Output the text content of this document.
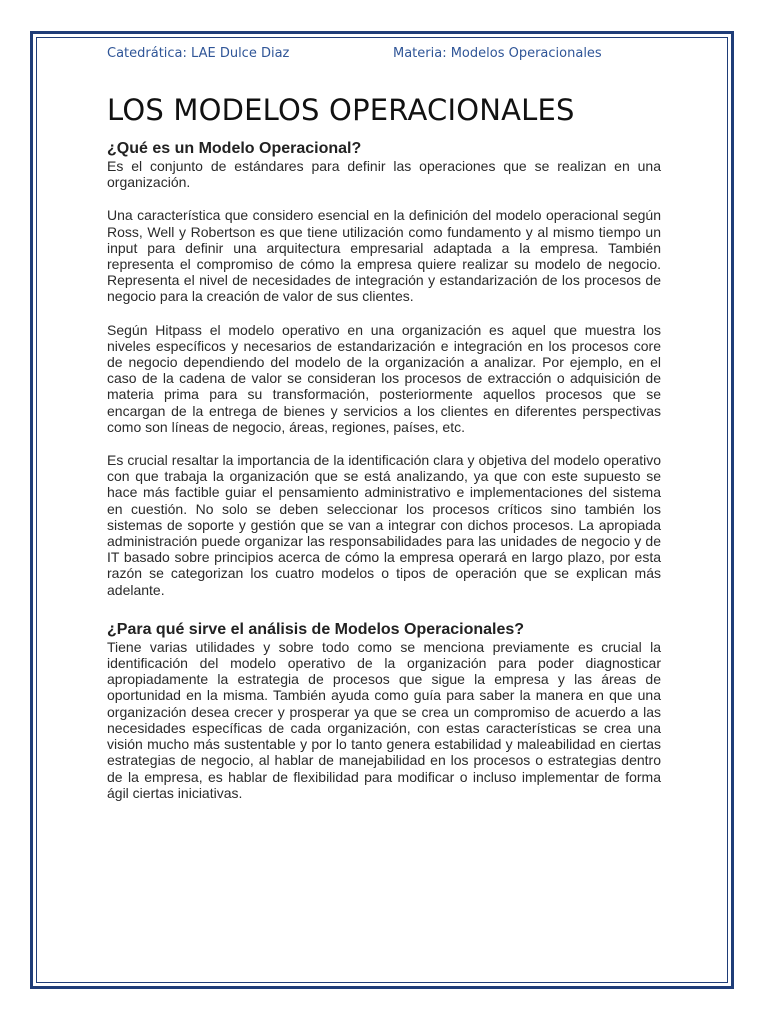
Catedrática: LAE Dulce Diaz	Materia: Modelos Operacionales
LOS MODELOS OPERACIONALES
¿Qué es un Modelo Operacional?

Es el conjunto de estándares para definir las operaciones que se realizan en una organización.

Una característica que considero esencial en la definición del modelo operacional según Ross, Well y Robertson es que tiene utilización como fundamento y al mismo tiempo un input para definir una arquitectura empresarial adaptada a la empresa. También representa el compromiso de cómo la empresa quiere realizar su modelo de negocio. Representa el nivel de necesidades de integración y estandarización de los procesos de negocio para la creación de valor de sus clientes.

Según Hitpass el modelo operativo en una organización es aquel que muestra los niveles específicos y necesarios de estandarización e integración en los procesos core de negocio dependiendo del modelo de la organización a analizar. Por ejemplo, en el caso de la cadena de valor se consideran los procesos de extracción o adquisición de materia prima para su transformación, posteriormente aquellos procesos que se encargan de la entrega de bienes y servicios a los clientes en diferentes perspectivas como son líneas de negocio, áreas, regiones, países, etc.

Es crucial resaltar la importancia de la identificación clara y objetiva del modelo operativo con que trabaja la organización que se está analizando, ya que con este supuesto se hace más factible guiar el pensamiento administrativo e implementaciones del sistema en cuestión. No solo se deben seleccionar los procesos críticos sino también los sistemas de soporte y gestión que se van a integrar con dichos procesos. La apropiada administración puede organizar las responsabilidades para las unidades de negocio y de IT basado sobre principios acerca de cómo la empresa operará en largo plazo, por esta razón se categorizan los cuatro modelos o tipos de operación que se explican más adelante.

¿Para qué sirve el análisis de Modelos Operacionales?

Tiene varias utilidades y sobre todo como se menciona previamente es crucial la identificación del modelo operativo de la organización para poder diagnosticar apropiadamente la estrategia de procesos que sigue la empresa y las áreas de oportunidad en la misma. También ayuda como guía para saber la manera en que una organización desea crecer y prosperar ya que se crea un compromiso de acuerdo a las necesidades específicas de cada organización, con estas características se crea una visión mucho más sustentable y por lo tanto genera estabilidad y maleabilidad en ciertas estrategias de negocio, al hablar de manejabilidad en los procesos o estrategias dentro de la empresa, es hablar de flexibilidad para modificar o incluso implementar de forma ágil ciertas iniciativas.
